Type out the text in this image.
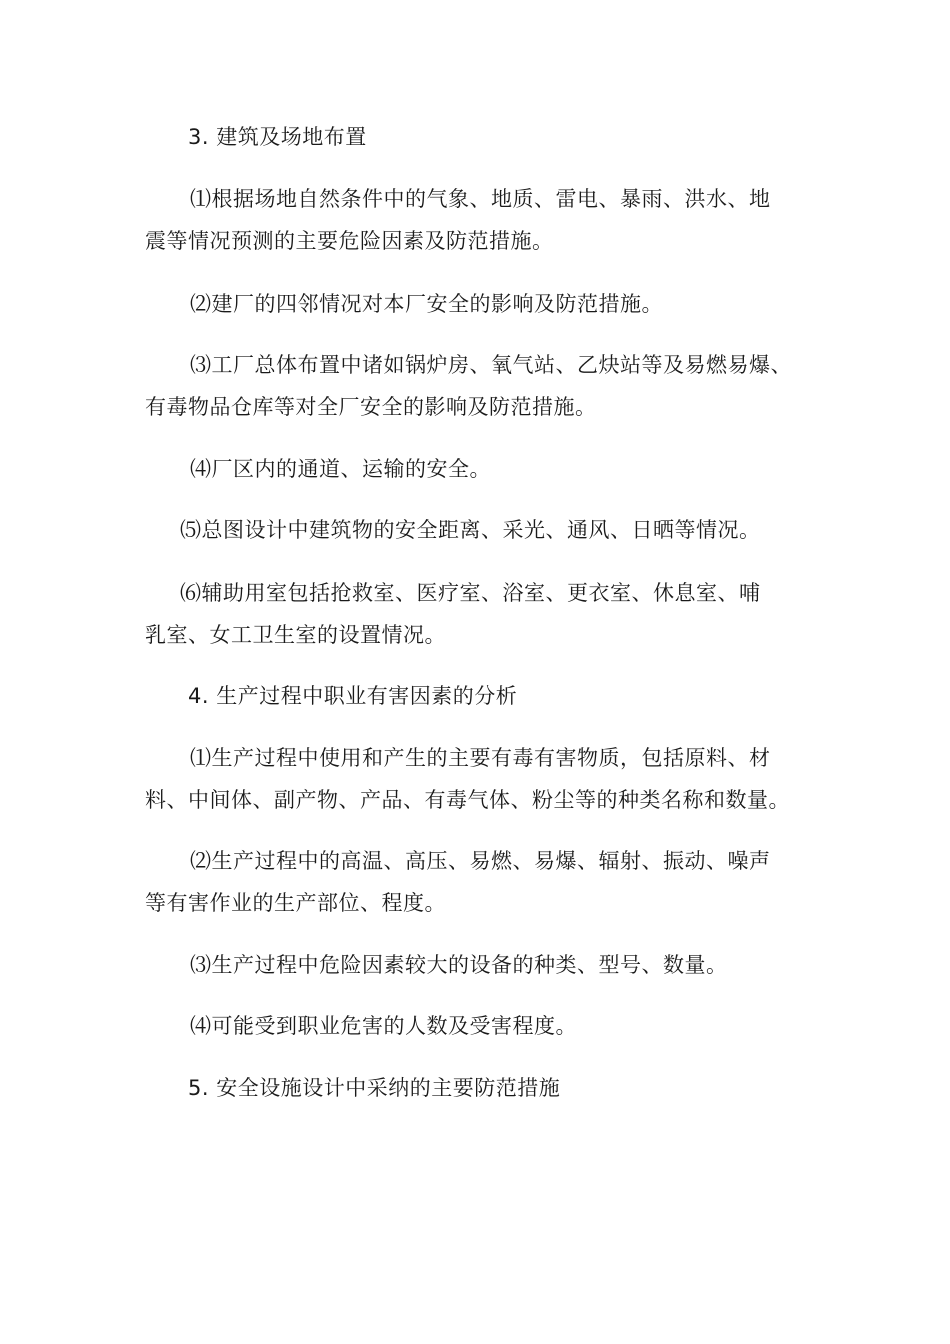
3. 建筑及场地布置
⑴根据场地自然条件中的气象、地质、雷电、暴雨、洪水、地
震等情况预测的主要危险因素及防范措施。
⑵建厂的四邻情况对本厂安全的影响及防范措施。
⑶工厂总体布置中诸如锅炉房、氧气站、乙炔站等及易燃易爆、
有毒物品仓库等对全厂安全的影响及防范措施。
⑷厂区内的通道、运输的安全。
⑸总图设计中建筑物的安全距离、采光、通风、日晒等情况。
⑹辅助用室包括抢救室、医疗室、浴室、更衣室、休息室、哺
乳室、女工卫生室的设置情况。
4. 生产过程中职业有害因素的分析
⑴生产过程中使用和产生的主要有毒有害物质，包括原料、材
料、中间体、副产物、产品、有毒气体、粉尘等的种类名称和数量。
⑵生产过程中的高温、高压、易燃、易爆、辐射、振动、噪声
等有害作业的生产部位、程度。
⑶生产过程中危险因素较大的设备的种类、型号、数量。
⑷可能受到职业危害的人数及受害程度。
5. 安全设施设计中采纳的主要防范措施
